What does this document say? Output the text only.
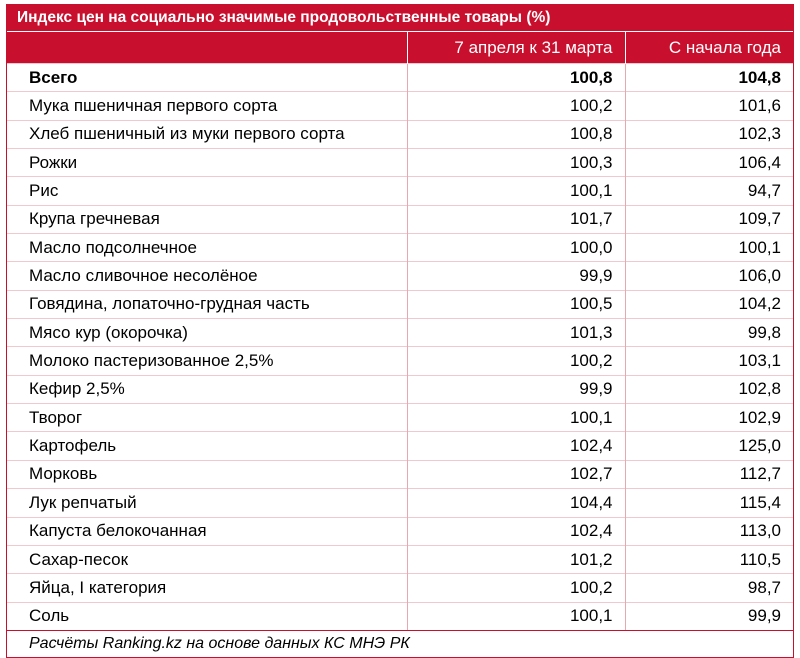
Индекс цен на социально значимые продовольственные товары (%)
	7 апреля к 31 марта	С начала года
Всего	100,8	104,8
Мука пшеничная первого сорта	100,2	101,6
Хлеб пшеничный из муки первого сорта	100,8	102,3
Рожки	100,3	106,4
Рис	100,1	94,7
Крупа гречневая	101,7	109,7
Масло подсолнечное	100,0	100,1
Масло сливочное несолёное	99,9	106,0
Говядина, лопаточно-грудная часть	100,5	104,2
Мясо кур (окорочка)	101,3	99,8
Молоко пастеризованное 2,5%	100,2	103,1
Кефир 2,5%	99,9	102,8
Творог	100,1	102,9
Картофель	102,4	125,0
Морковь	102,7	112,7
Лук репчатый	104,4	115,4
Капуста белокочанная	102,4	113,0
Сахар-песок	101,2	110,5
Яйца, I категория	100,2	98,7
Соль	100,1	99,9
Расчёты Ranking.kz на основе данных КС МНЭ РК
